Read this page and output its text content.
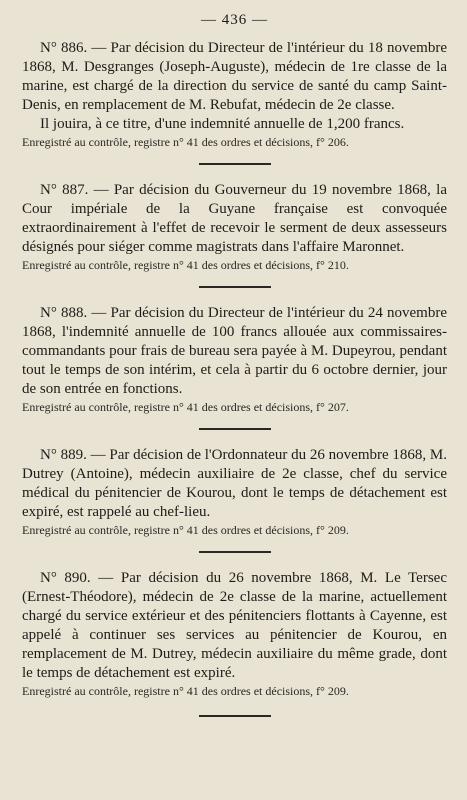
— 436 —

N° 886. — Par décision du Directeur de l'intérieur du 18 novembre 1868, M. Desgranges (Joseph-Auguste), médecin de 1re classe de la marine, est chargé de la direction du service de santé du camp Saint-Denis, en remplacement de M. Rebufat, médecin de 2e classe.

Il jouira, à ce titre, d'une indemnité annuelle de 1,200 francs.

Enregistré au contrôle, registre n° 41 des ordres et décisions, f° 206.

N° 887. — Par décision du Gouverneur du 19 novembre 1868, la Cour impériale de la Guyane française est convoquée extraordinairement à l'effet de recevoir le serment de deux assesseurs désignés pour siéger comme magistrats dans l'affaire Maronnet.

Enregistré au contrôle, registre n° 41 des ordres et décisions, f° 210.

N° 888. — Par décision du Directeur de l'intérieur du 24 novembre 1868, l'indemnité annuelle de 100 francs allouée aux commissaires-commandants pour frais de bureau sera payée à M. Dupeyrou, pendant tout le temps de son intérim, et cela à partir du 6 octobre dernier, jour de son entrée en fonctions.

Enregistré au contrôle, registre n° 41 des ordres et décisions, f° 207.

N° 889. — Par décision de l'Ordonnateur du 26 novembre 1868, M. Dutrey (Antoine), médecin auxiliaire de 2e classe, chef du service médical du pénitencier de Kourou, dont le temps de détachement est expiré, est rappelé au chef-lieu.

Enregistré au contrôle, registre n° 41 des ordres et décisions, f° 209.

N° 890. — Par décision du 26 novembre 1868, M. Le Tersec (Ernest-Théodore), médecin de 2e classe de la marine, actuellement chargé du service extérieur et des pénitenciers flottants à Cayenne, est appelé à continuer ses services au pénitencier de Kourou, en remplacement de M. Dutrey, médecin auxiliaire du même grade, dont le temps de détachement est expiré.

Enregistré au contrôle, registre n° 41 des ordres et décisions, f° 209.
